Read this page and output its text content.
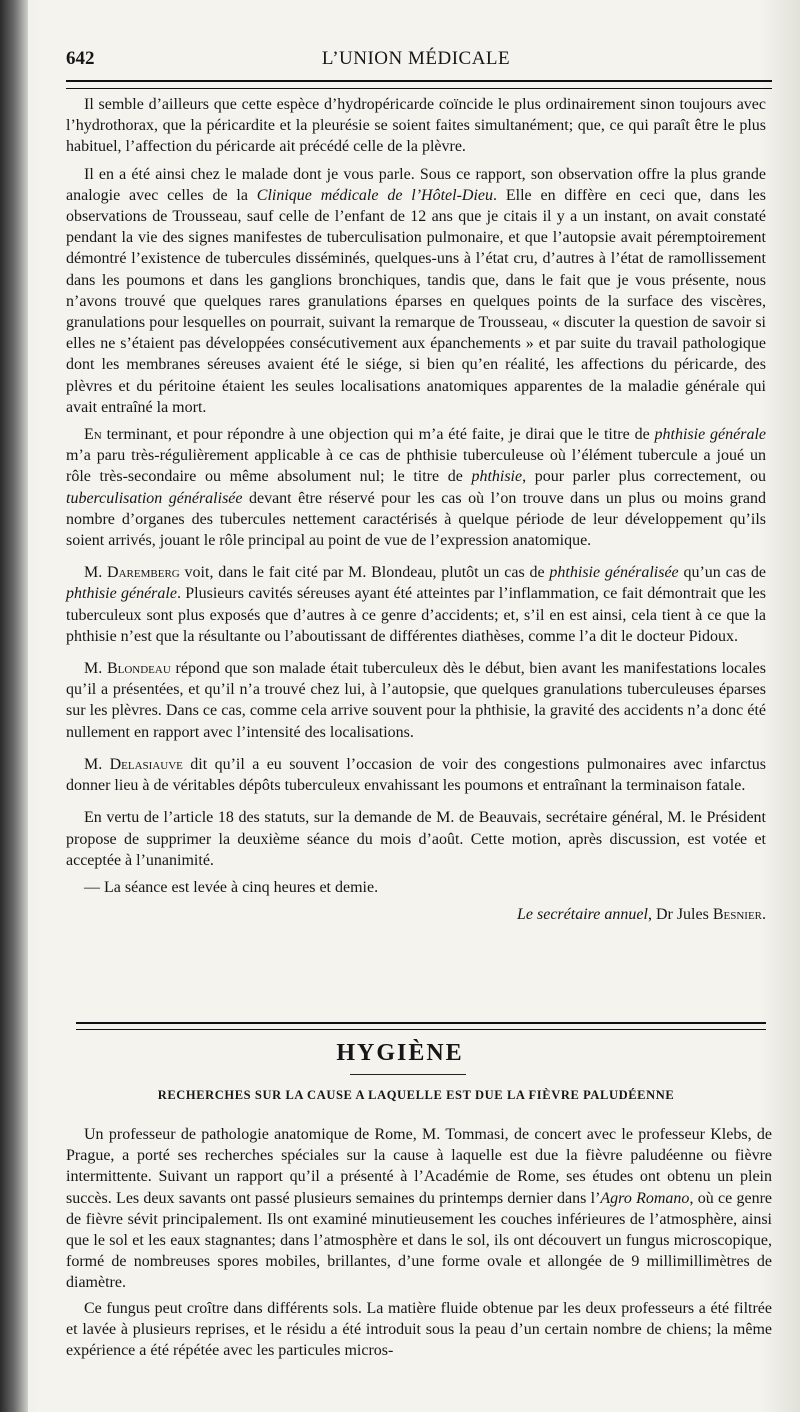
642	L’UNION MÉDICALE

Il semble d’ailleurs que cette espèce d’hydropéricarde coïncide le plus ordinairement sinon toujours avec l’hydrothorax, que la péricardite et la pleurésie se soient faites simultanément; que, ce qui paraît être le plus habituel, l’affection du péricarde ait précédé celle de la plèvre.

Il en a été ainsi chez le malade dont je vous parle. Sous ce rapport, son observation offre la plus grande analogie avec celles de la Clinique médicale de l’Hôtel-Dieu. Elle en diffère en ceci que, dans les observations de Trousseau, sauf celle de l’enfant de 12 ans que je citais il y a un instant, on avait constaté pendant la vie des signes manifestes de tuberculisation pulmonaire, et que l’autopsie avait péremptoirement démontré l’existence de tubercules disséminés, quelques-uns à l’état cru, d’autres à l’état de ramollissement dans les poumons et dans les ganglions bronchiques, tandis que, dans le fait que je vous présente, nous n’avons trouvé que quelques rares granulations éparses en quelques points de la surface des viscères, granulations pour lesquelles on pourrait, suivant la remarque de Trousseau, « discuter la question de savoir si elles ne s’étaient pas développées consécutivement aux épanchements » et par suite du travail pathologique dont les membranes séreuses avaient été le siége, si bien qu’en réalité, les affections du péricarde, des plèvres et du péritoine étaient les seules localisations anatomiques apparentes de la maladie générale qui avait entraîné la mort.

En terminant, et pour répondre à une objection qui m’a été faite, je dirai que le titre de phthisie générale m’a paru très-régulièrement applicable à ce cas de phthisie tuberculeuse où l’élément tubercule a joué un rôle très-secondaire ou même absolument nul; le titre de phthisie, pour parler plus correctement, ou tuberculisation généralisée devant être réservé pour les cas où l’on trouve dans un plus ou moins grand nombre d’organes des tubercules nettement caractérisés à quelque période de leur développement qu’ils soient arrivés, jouant le rôle principal au point de vue de l’expression anatomique.

M. Daremberg voit, dans le fait cité par M. Blondeau, plutôt un cas de phthisie généralisée qu’un cas de phthisie générale. Plusieurs cavités séreuses ayant été atteintes par l’inflammation, ce fait démontrait que les tuberculeux sont plus exposés que d’autres à ce genre d’accidents; et, s’il en est ainsi, cela tient à ce que la phthisie n’est que la résultante ou l’aboutissant de différentes diathèses, comme l’a dit le docteur Pidoux.

M. Blondeau répond que son malade était tuberculeux dès le début, bien avant les manifestations locales qu’il a présentées, et qu’il n’a trouvé chez lui, à l’autopsie, que quelques granulations tuberculeuses éparses sur les plèvres. Dans ce cas, comme cela arrive souvent pour la phthisie, la gravité des accidents n’a donc été nullement en rapport avec l’intensité des localisations.

M. Delasiauve dit qu’il a eu souvent l’occasion de voir des congestions pulmonaires avec infarctus donner lieu à de véritables dépôts tuberculeux envahissant les poumons et entraînant la terminaison fatale.

En vertu de l’article 18 des statuts, sur la demande de M. de Beauvais, secrétaire général, M. le Président propose de supprimer la deuxième séance du mois d’août. Cette motion, après discussion, est votée et acceptée à l’unanimité.

— La séance est levée à cinq heures et demie.

Le secrétaire annuel, Dr Jules Besnier.

HYGIÈNE
RECHERCHES SUR LA CAUSE A LAQUELLE EST DUE LA FIÈVRE PALUDÉENNE

Un professeur de pathologie anatomique de Rome, M. Tommasi, de concert avec le professeur Klebs, de Prague, a porté ses recherches spéciales sur la cause à laquelle est due la fièvre paludéenne ou fièvre intermittente. Suivant un rapport qu’il a présenté à l’Académie de Rome, ses études ont obtenu un plein succès. Les deux savants ont passé plusieurs semaines du printemps dernier dans l’Agro Romano, où ce genre de fièvre sévit principalement. Ils ont examiné minutieusement les couches inférieures de l’atmosphère, ainsi que le sol et les eaux stagnantes; dans l’atmosphère et dans le sol, ils ont découvert un fungus microscopique, formé de nombreuses spores mobiles, brillantes, d’une forme ovale et allongée de 9 millimillimètres de diamètre.

Ce fungus peut croître dans différents sols. La matière fluide obtenue par les deux professeurs a été filtrée et lavée à plusieurs reprises, et le résidu a été introduit sous la peau d’un certain nombre de chiens; la même expérience a été répétée avec les particules micros-
